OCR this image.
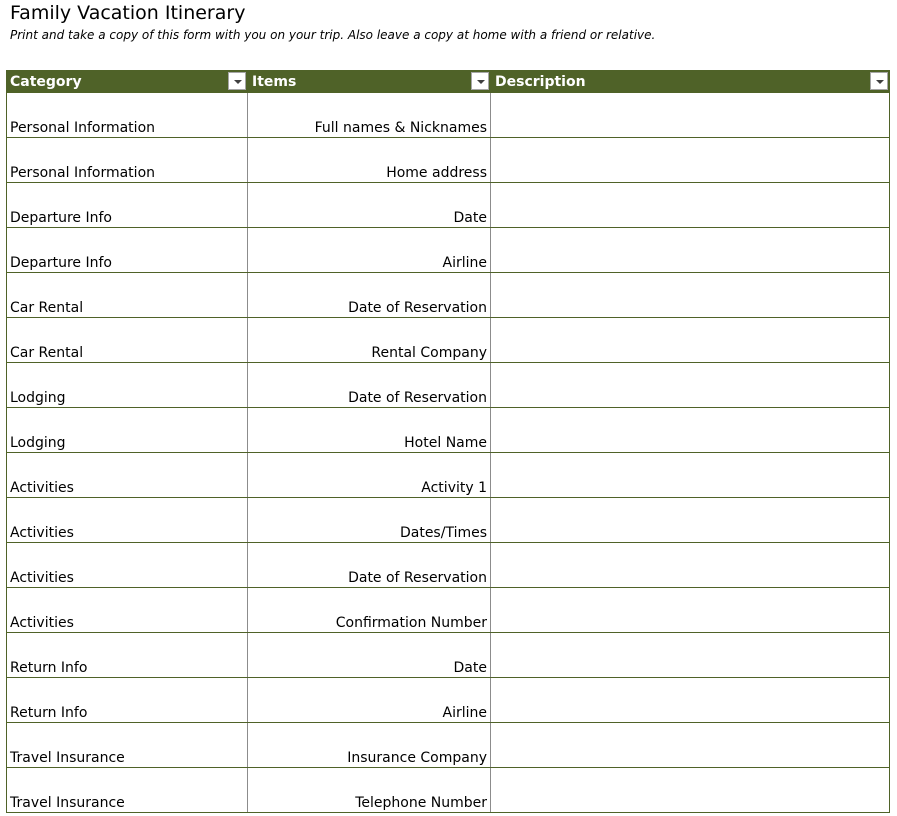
Family Vacation Itinerary
Print and take a copy of this form with you on your trip. Also leave a copy at home with a friend or relative.
Category	Items	Description
Personal Information	Full names & Nicknames
Personal Information	Home address
Departure Info	Date
Departure Info	Airline
Car Rental	Date of Reservation
Car Rental	Rental Company
Lodging	Date of Reservation
Lodging	Hotel Name
Activities	Activity 1
Activities	Dates/Times
Activities	Date of Reservation
Activities	Confirmation Number
Return Info	Date
Return Info	Airline
Travel Insurance	Insurance Company
Travel Insurance	Telephone Number
